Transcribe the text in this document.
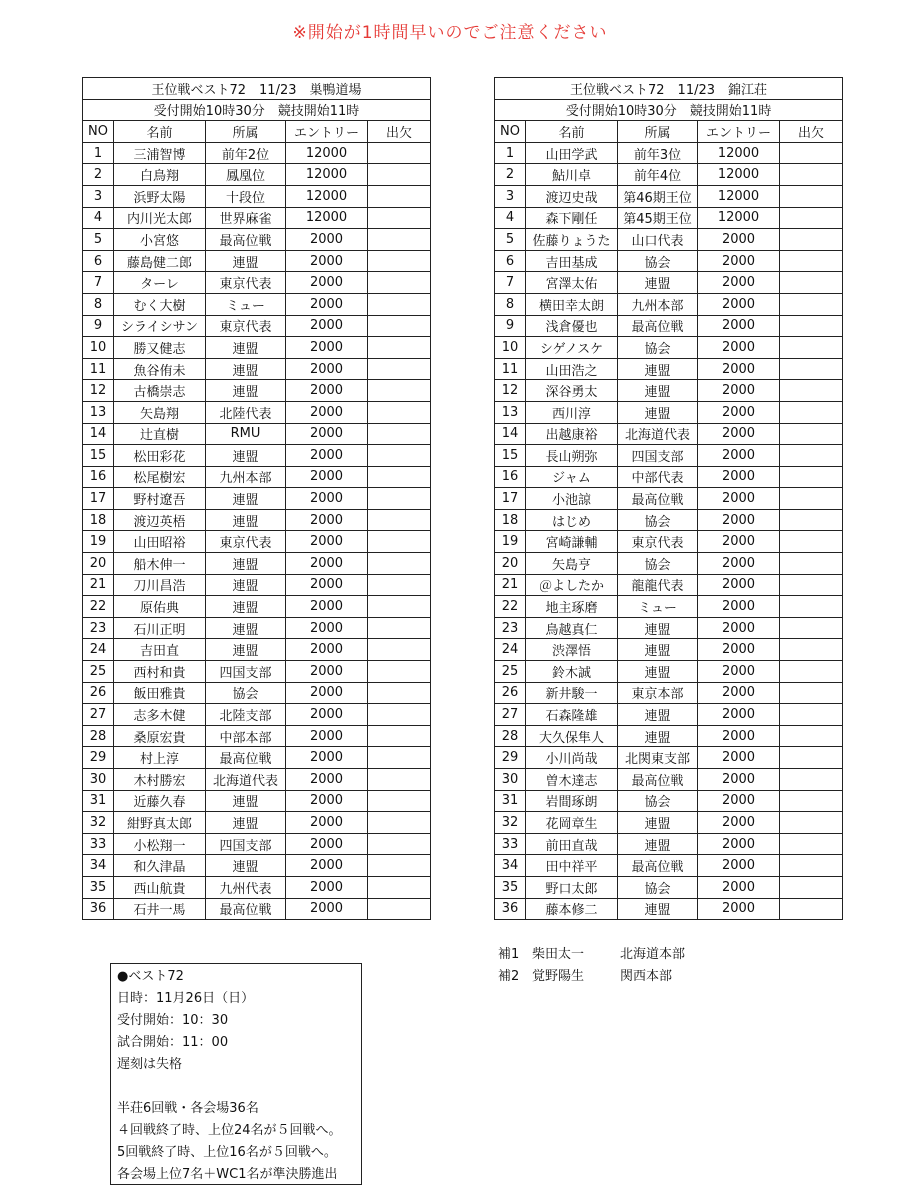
※開始が1時間早いのでご注意ください
王位戦ベスト72　11/23　巣鴨道場				
受付開始10時30分　競技開始11時				
NO	名前	所属	エントリー	出欠
1	三浦智博	前年2位	12000	
2	白鳥翔	鳳凰位	12000	
3	浜野太陽	十段位	12000	
4	内川光太郎	世界麻雀	12000	
5	小宮悠	最高位戦	2000	
6	藤島健二郎	連盟	2000	
7	ターレ	東京代表	2000	
8	むく大樹	ミュー	2000	
9	シライシサン	東京代表	2000	
10	勝又健志	連盟	2000	
11	魚谷侑未	連盟	2000	
12	古橋崇志	連盟	2000	
13	矢島翔	北陸代表	2000	
14	辻直樹	RMU	2000	
15	松田彩花	連盟	2000	
16	松尾樹宏	九州本部	2000	
17	野村遼吾	連盟	2000	
18	渡辺英梧	連盟	2000	
19	山田昭裕	東京代表	2000	
20	船木伸一	連盟	2000	
21	刀川昌浩	連盟	2000	
22	原佑典	連盟	2000	
23	石川正明	連盟	2000	
24	吉田直	連盟	2000	
25	西村和貴	四国支部	2000	
26	飯田雅貴	協会	2000	
27	志多木健	北陸支部	2000	
28	桑原宏貴	中部本部	2000	
29	村上淳	最高位戦	2000	
30	木村勝宏	北海道代表	2000	
31	近藤久春	連盟	2000	
32	紺野真太郎	連盟	2000	
33	小松翔一	四国支部	2000	
34	和久津晶	連盟	2000	
35	西山航貴	九州代表	2000	
36	石井一馬	最高位戦	2000	
王位戦ベスト72　11/23　錦江荘				
受付開始10時30分　競技開始11時				
NO	名前	所属	エントリー	出欠
1	山田学武	前年3位	12000	
2	鮎川卓	前年4位	12000	
3	渡辺史哉	第46期王位	12000	
4	森下剛任	第45期王位	12000	
5	佐藤りょうた	山口代表	2000	
6	吉田基成	協会	2000	
7	宮澤太佑	連盟	2000	
8	横田幸太朗	九州本部	2000	
9	浅倉優也	最高位戦	2000	
10	シゲノスケ	協会	2000	
11	山田浩之	連盟	2000	
12	深谷勇太	連盟	2000	
13	西川淳	連盟	2000	
14	出越康裕	北海道代表	2000	
15	長山朔弥	四国支部	2000	
16	ジャム	中部代表	2000	
17	小池諒	最高位戦	2000	
18	はじめ	協会	2000	
19	宮崎謙輔	東京代表	2000	
20	矢島亨	協会	2000	
21	＠よしたか	龍龍代表	2000	
22	地主琢磨	ミュー	2000	
23	鳥越真仁	連盟	2000	
24	渋澤悟	連盟	2000	
25	鈴木誠	連盟	2000	
26	新井駿一	東京本部	2000	
27	石森隆雄	連盟	2000	
28	大久保隼人	連盟	2000	
29	小川尚哉	北関東支部	2000	
30	曽木達志	最高位戦	2000	
31	岩間琢朗	協会	2000	
32	花岡章生	連盟	2000	
33	前田直哉	連盟	2000	
34	田中祥平	最高位戦	2000	
35	野口太郎	協会	2000	
36	藤本修二	連盟	2000	
補1 柴田太一	北海道本部
補2 覚野陽生	関西本部
●ベスト72
日時：11月26日（日）
受付開始：10：30
試合開始：11：00
遅刻は失格

半荘6回戦・各会場36名
４回戦終了時、上位24名が５回戦へ。
5回戦終了時、上位16名が５回戦へ。
各会場上位7名＋WC1名が準決勝進出
